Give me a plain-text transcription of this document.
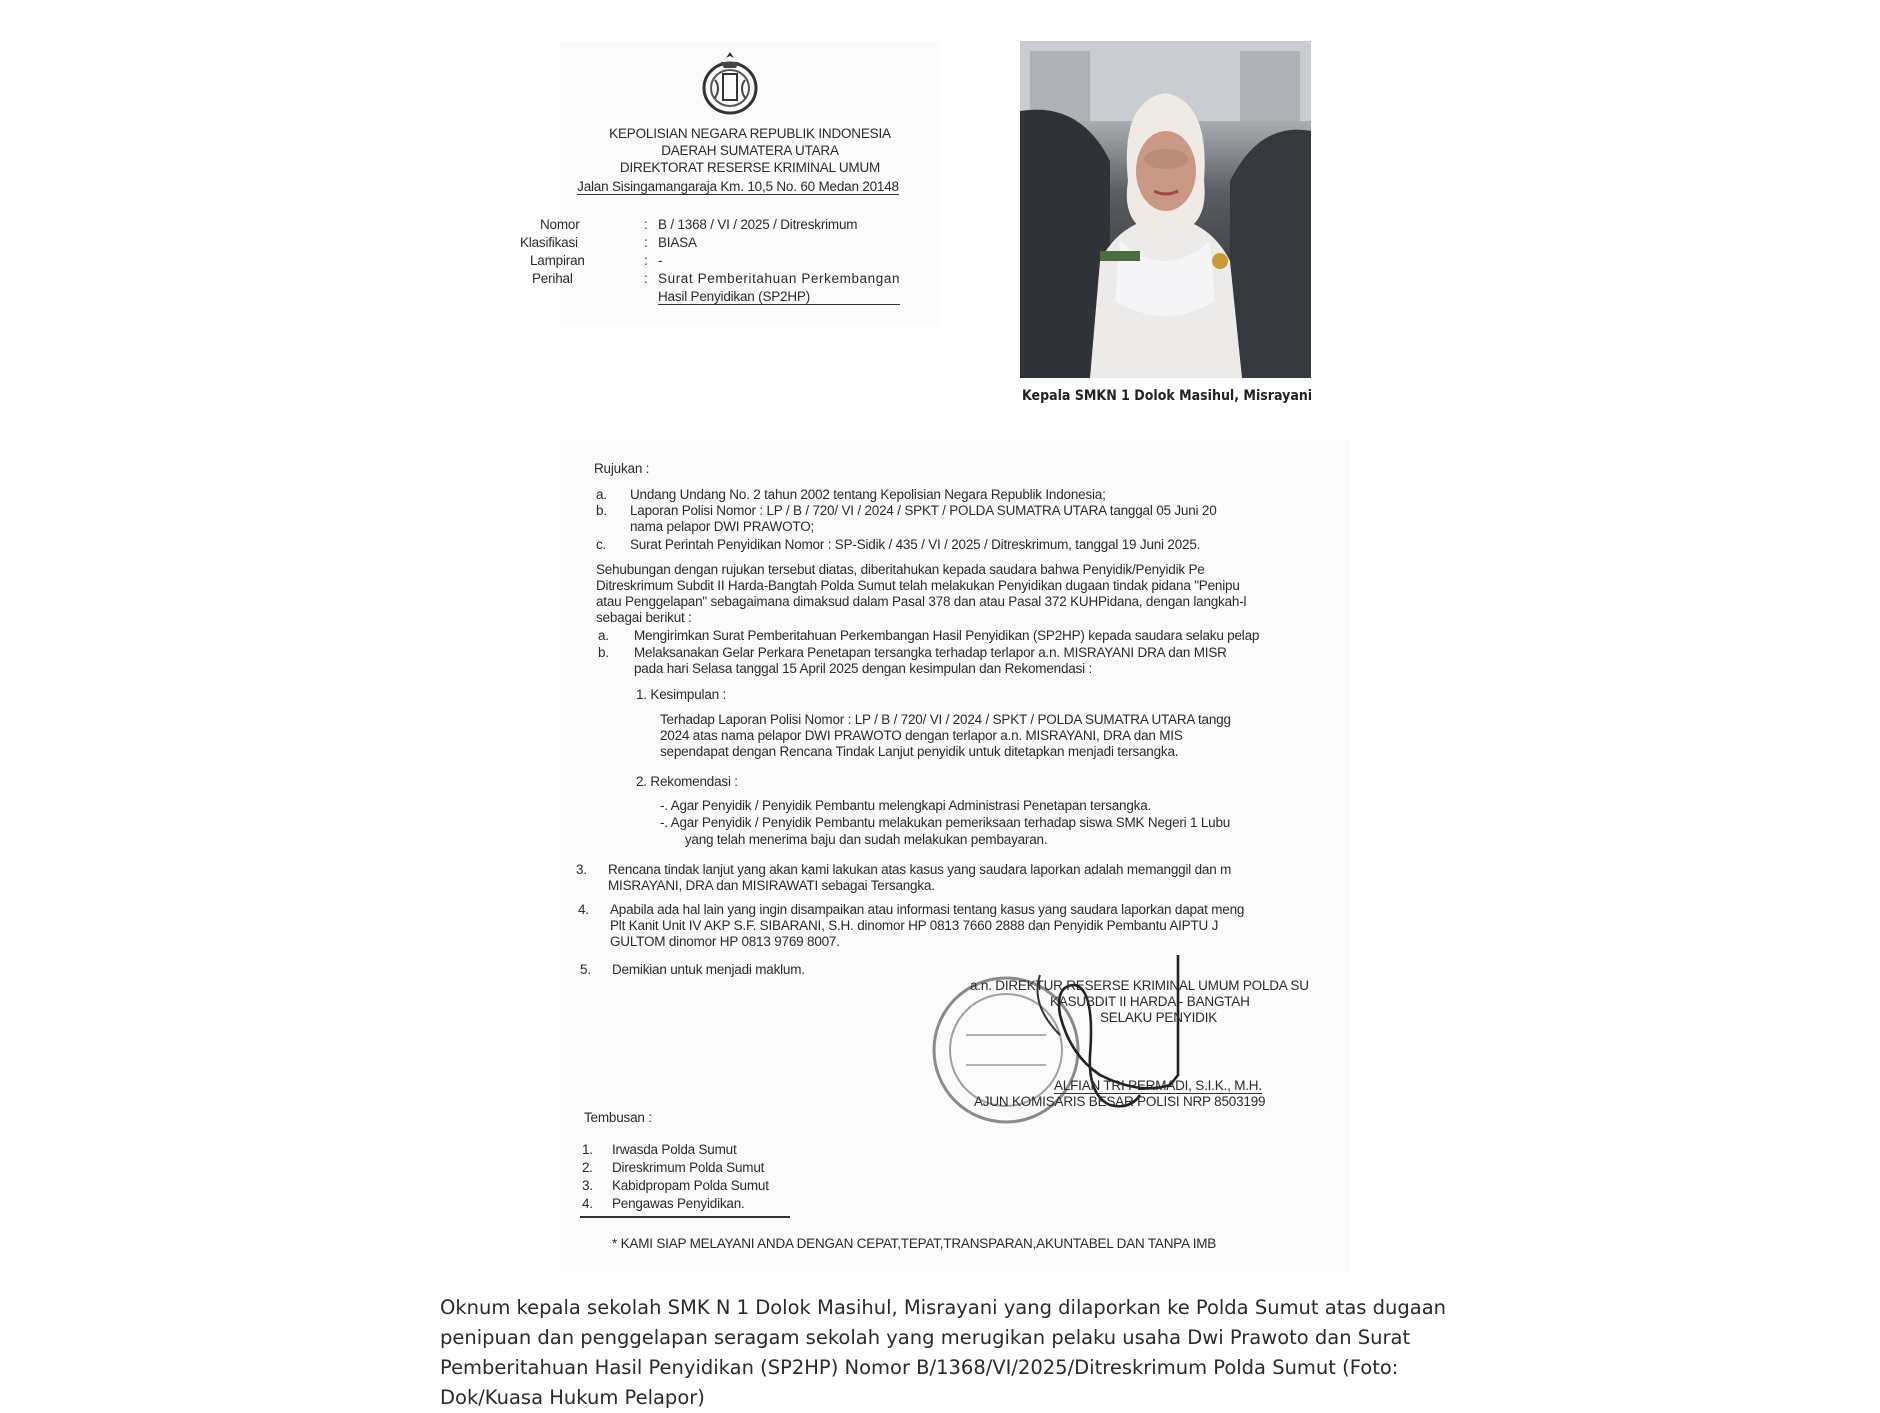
KEPOLISIAN NEGARA REPUBLIK INDONESIA
DAERAH SUMATERA UTARA
DIREKTORAT RESERSE KRIMINAL UMUM
Jalan Sisingamangaraja Km. 10,5 No. 60 Medan 20148
Nomor	: B / 1368 / VI / 2025 / Ditreskrimum
Klasifikasi	: BIASA
Lampiran	: -
Perihal	: Surat Pemberitahuan Perkembangan
Hasil Penyidikan (SP2HP)
Kepala SMKN 1 Dolok Masihul, Misrayani
Rujukan :
a. Undang Undang No. 2 tahun 2002 tentang Kepolisian Negara Republik Indonesia;
b. Laporan Polisi Nomor : LP / B / 720/ VI / 2024 / SPKT / POLDA SUMATRA UTARA tanggal 05 Juni 20
nama pelapor DWI PRAWOTO;
c. Surat Perintah Penyidikan Nomor : SP-Sidik / 435 / VI / 2025 / Ditreskrimum, tanggal 19 Juni 2025.
Sehubungan dengan rujukan tersebut diatas, diberitahukan kepada saudara bahwa Penyidik/Penyidik Pe
Ditreskrimum Subdit II Harda-Bangtah Polda Sumut telah melakukan Penyidikan dugaan tindak pidana "Penipu
atau Penggelapan" sebagaimana dimaksud dalam Pasal 378 dan atau Pasal 372 KUHPidana, dengan langkah-l
sebagai berikut :
a. Mengirimkan Surat Pemberitahuan Perkembangan Hasil Penyidikan (SP2HP) kepada saudara selaku pelap
b. Melaksanakan Gelar Perkara Penetapan tersangka terhadap terlapor a.n. MISRAYANI DRA dan MISR
pada hari Selasa tanggal 15 April 2025 dengan kesimpulan dan Rekomendasi :
1. Kesimpulan :
Terhadap Laporan Polisi Nomor : LP / B / 720/ VI / 2024 / SPKT / POLDA SUMATRA UTARA tangg
2024 atas nama pelapor DWI PRAWOTO dengan terlapor a.n. MISRAYANI, DRA dan MIS
sependapat dengan Rencana Tindak Lanjut penyidik untuk ditetapkan menjadi tersangka.
2. Rekomendasi :
-. Agar Penyidik / Penyidik Pembantu melengkapi Administrasi Penetapan tersangka.
-. Agar Penyidik / Penyidik Pembantu melakukan pemeriksaan terhadap siswa SMK Negeri 1 Lubu
yang telah menerima baju dan sudah melakukan pembayaran.
3. Rencana tindak lanjut yang akan kami lakukan atas kasus yang saudara laporkan adalah memanggil dan m
MISRAYANI, DRA dan MISIRAWATI sebagai Tersangka.
4. Apabila ada hal lain yang ingin disampaikan atau informasi tentang kasus yang saudara laporkan dapat meng
Plt Kanit Unit IV AKP S.F. SIBARANI, S.H. dinomor HP 0813 7660 2888 dan Penyidik Pembantu AIPTU J
GULTOM dinomor HP 0813 9769 8007.
5. Demikian untuk menjadi maklum.
a.n. DIREKTUR RESERSE KRIMINAL UMUM POLDA SU
KASUBDIT II HARDA - BANGTAH
SELAKU PENYIDIK
ALFIAN TRI PERMADI, S.I.K., M.H.
AJUN KOMISARIS BESAR POLISI NRP 8503199
Tembusan :
1. Irwasda Polda Sumut
2. Direskrimum Polda Sumut
3. Kabidpropam Polda Sumut
4. Pengawas Penyidikan.
* KAMI SIAP MELAYANI ANDA DENGAN CEPAT,TEPAT,TRANSPARAN,AKUNTABEL DAN TANPA IMB
Oknum kepala sekolah SMK N 1 Dolok Masihul, Misrayani yang dilaporkan ke Polda Sumut atas dugaan
penipuan dan penggelapan seragam sekolah yang merugikan pelaku usaha Dwi Prawoto dan Surat
Pemberitahuan Hasil Penyidikan (SP2HP) Nomor B/1368/VI/2025/Ditreskrimum Polda Sumut (Foto:
Dok/Kuasa Hukum Pelapor)
